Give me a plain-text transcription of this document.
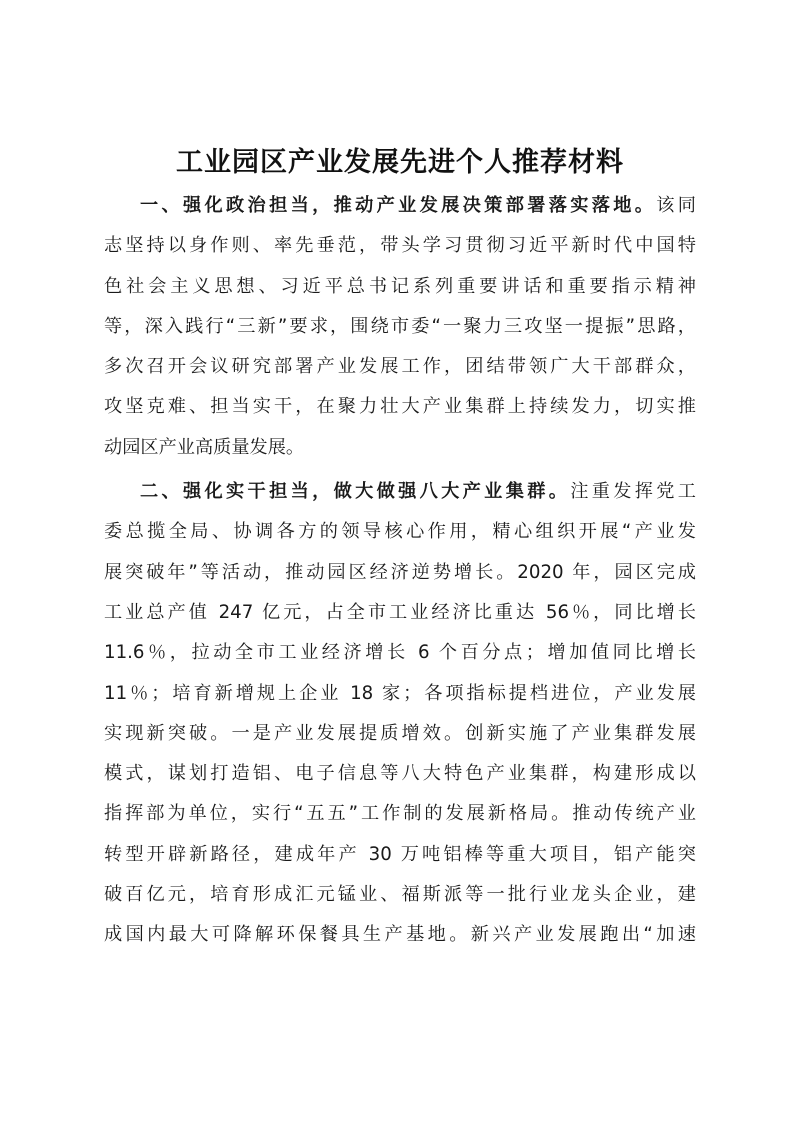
工业园区产业发展先进个人推荐材料

一、强化政治担当，推动产业发展决策部署落实落地。该同
志坚持以身作则、率先垂范，带头学习贯彻习近平新时代中国特
色社会主义思想、习近平总书记系列重要讲话和重要指示精神
等，深入践行“三新”要求，围绕市委“一聚力三攻坚一提振”思路，
多次召开会议研究部署产业发展工作，团结带领广大干部群众，
攻坚克难、担当实干，在聚力壮大产业集群上持续发力，切实推
动园区产业高质量发展。

二、强化实干担当，做大做强八大产业集群。注重发挥党工
委总揽全局、协调各方的领导核心作用，精心组织开展“产业发
展突破年”等活动，推动园区经济逆势增长。2020 年，园区完成
工业总产值 247 亿元，占全市工业经济比重达 56％，同比增长
11.6％，拉动全市工业经济增长 6 个百分点；增加值同比增长
11％；培育新增规上企业 18 家；各项指标提档进位，产业发展
实现新突破。一是产业发展提质增效。创新实施了产业集群发展
模式，谋划打造铝、电子信息等八大特色产业集群，构建形成以
指挥部为单位，实行“五五”工作制的发展新格局。推动传统产业
转型开辟新路径，建成年产 30 万吨铝棒等重大项目，铝产能突
破百亿元，培育形成汇元锰业、福斯派等一批行业龙头企业，建
成国内最大可降解环保餐具生产基地。新兴产业发展跑出“加速
